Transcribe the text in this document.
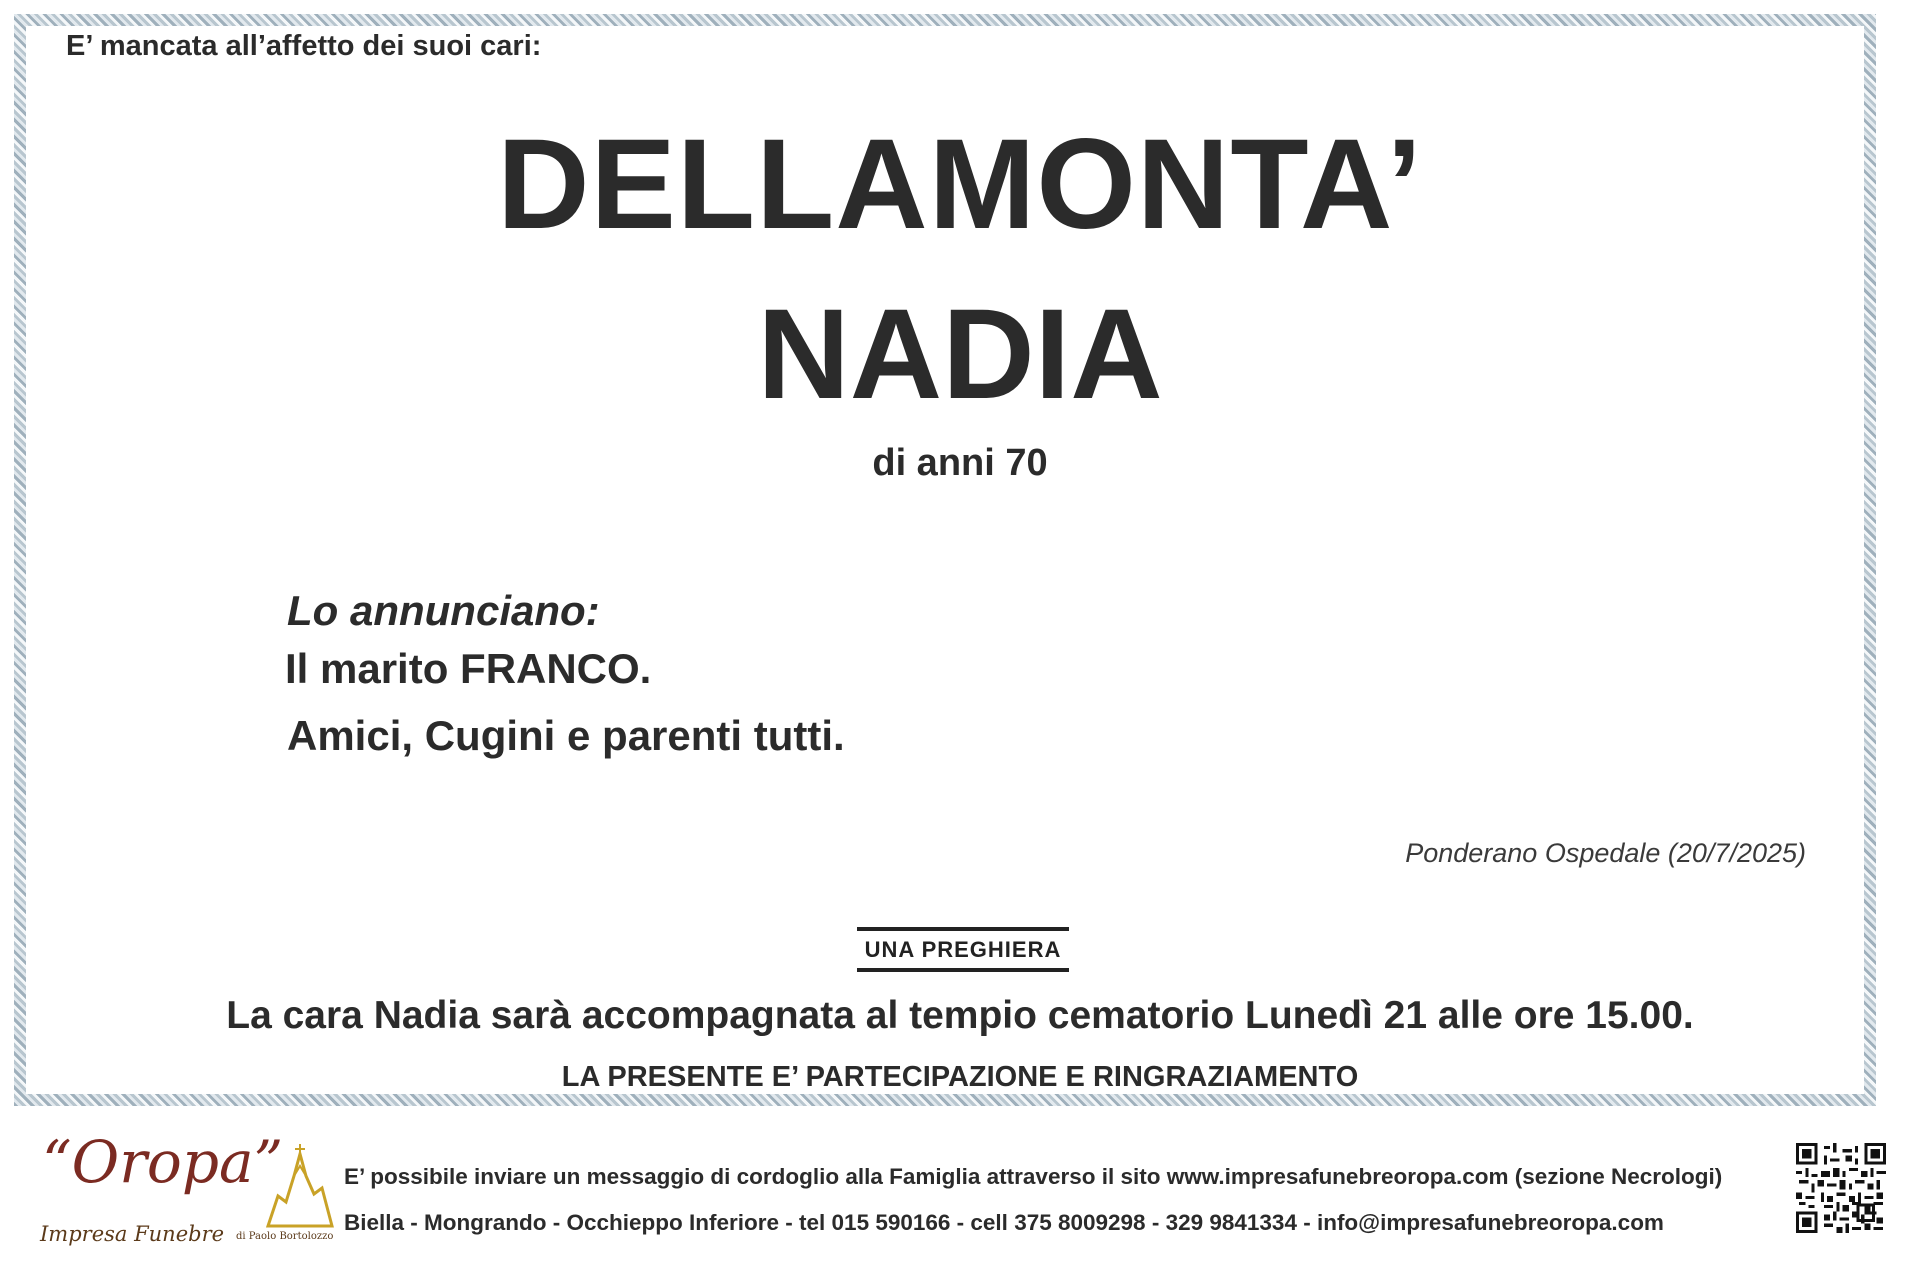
E’ mancata all’affetto dei suoi cari:

DELLAMONTA’
NADIA

di anni 70

Lo annunciano:

Il marito FRANCO.

Amici, Cugini e parenti tutti.

Ponderano Ospedale (20/7/2025)

UNA PREGHIERA

La cara Nadia sarà accompagnata al tempio cematorio Lunedì 21 alle ore 15.00.

LA PRESENTE E’ PARTECIPAZIONE E RINGRAZIAMENTO

“Oropa”
Impresa Funebre di Paolo Bortolozzo

E’ possibile inviare un messaggio di cordoglio alla Famiglia attraverso il sito www.impresafunebreoropa.com (sezione Necrologi)

Biella - Mongrando - Occhieppo Inferiore - tel 015 590166 - cell 375 8009298 - 329 9841334 - info@impresafunebreoropa.com
